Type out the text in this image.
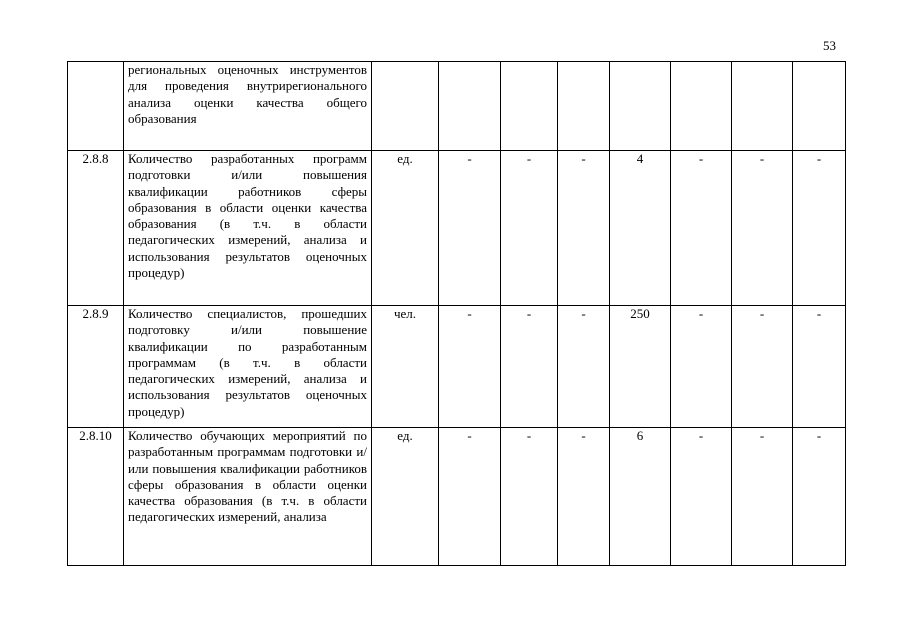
53
	региональных оценочных инструментов для проведения внутрирегионального анализа оценки качества общего образования								
2.8.8	Количество разработанных программ подготовки и/или повышения квалификации работников сферы образования в области оценки качества образования (в т.ч. в области педагогических измерений, анализа и использования результатов оценочных процедур)	ед.	-	-	-	4	-	-	-
2.8.9	Количество специалистов, прошедших подготовку и/или повышение квалификации по разработанным программам (в т.ч. в области педагогических измерений, анализа и использования результатов оценочных процедур)	чел.	-	-	-	250	-	-	-
2.8.10	Количество обучающих мероприятий по разработанным программам подготовки и/или повышения квалификации работников сферы образования в области оценки качества образования (в т.ч. в области педагогических измерений, анализа	ед.	-	-	-	6	-	-	-
